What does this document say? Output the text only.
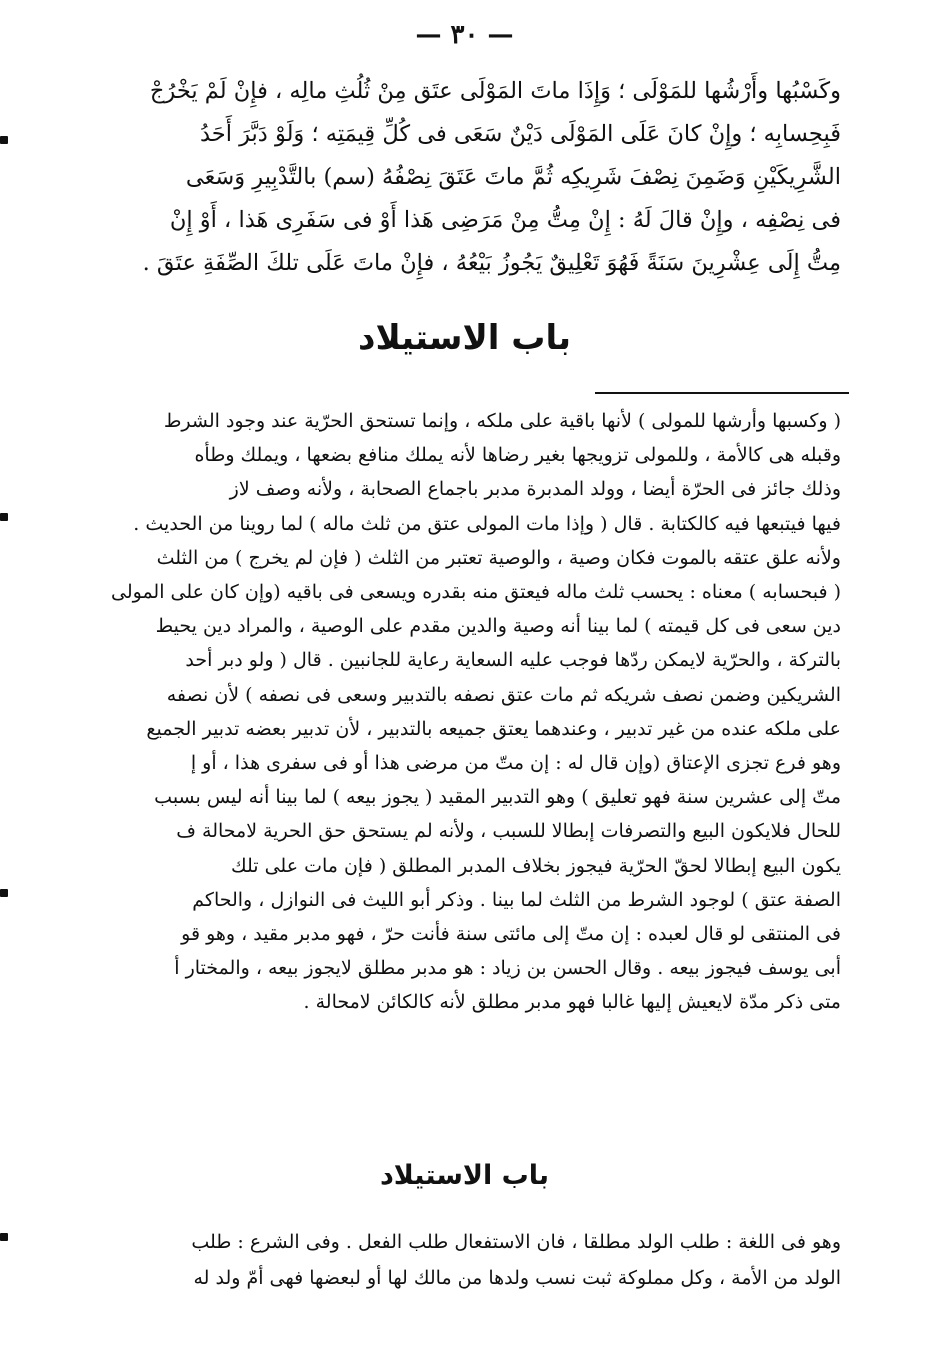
— ٣٠ —

وكَسْبُها وأَرْشُها للمَوْلَى ؛ وَإِذَا ماتَ المَوْلَى عتَق مِنْ ثُلُثِ مالِه ، فإِنْ لَمْ يَخْرُجْ

فَبِحِسابِه ؛ وإِنْ كانَ عَلَى المَوْلَى دَيْنٌ سَعَى فى كُلِّ قِيمَتِه ؛ وَلَوْ دَبَّرَ أَحَدُ

الشَّرِيكَيْنِ وَضَمِنَ نِصْفَ شَرِيكِه ثُمَّ ماتَ عَتَقَ نِصْفُهُ (سم) بالتَّدْبِيرِ وَسَعَى

فى نِصْفِه ، وإِنْ قالَ لَهُ : إِنْ مِتُّ مِنْ مَرَضِى هَذا أَوْ فى سَفَرِى هَذا ، أَوْ إِنْ

مِتُّ إِلَى عِشْرِينَ سَنَةً فَهُوَ تَعْلِيقٌ يَجُوزُ بَيْعُهُ ، فإِنْ ماتَ عَلَى تلكَ الصِّفَةِ عتَقَ .

باب الاستيلاد

( وكسبها وأرشها للمولى ) لأنها باقية على ملكه ، وإنما تستحق الحرّية عند وجود الشرط

وقبله هى كالأمة ، وللمولى تزويجها بغير رضاها لأنه يملك منافع بضعها ، ويملك وطأه

وذلك جائز فى الحرّة أيضا ، وولد المدبرة مدبر باجماع الصحابة ، ولأنه وصف لاز

فيها فيتبعها فيه كالكتابة . قال ( وإذا مات المولى عتق من ثلث ماله ) لما روينا من الحديث .

ولأنه علق عتقه بالموت فكان وصية ، والوصية تعتبر من الثلث ( فإن لم يخرج ) من الثلث

( فبحسابه ) معناه : يحسب ثلث ماله فيعتق منه بقدره ويسعى فى باقيه (وإن كان على المولى

دين سعى فى كل قيمته ) لما بينا أنه وصية والدين مقدم على الوصية ، والمراد دين يحيط

بالتركة ، والحرّية لايمكن ردّها فوجب عليه السعاية رعاية للجانبين . قال ( ولو دبر أحد

الشريكين وضمن نصف شريكه ثم مات عتق نصفه بالتدبير وسعى فى نصفه ) لأن نصفه

على ملكه عنده من غير تدبير ، وعندهما يعتق جميعه بالتدبير ، لأن تدبير بعضه تدبير الجميع

وهو فرع تجزى الإعتاق (وإن قال له : إن متّ من مرضى هذا أو فى سفرى هذا ، أو إ

متّ إلى عشرين سنة فهو تعليق ) وهو التدبير المقيد ( يجوز بيعه ) لما بينا أنه ليس بسبب

للحال فلايكون البيع والتصرفات إبطالا للسبب ، ولأنه لم يستحق حق الحرية لامحالة ف

يكون البيع إبطالا لحقّ الحرّية فيجوز بخلاف المدبر المطلق ( فإن مات على تلك

الصفة عتق ) لوجود الشرط من الثلث لما بينا . وذكر أبو الليث فى النوازل ، والحاكم

فى المنتقى لو قال لعبده : إن متّ إلى مائتى سنة فأنت حرّ ، فهو مدبر مقيد ، وهو قو

أبى يوسف فيجوز بيعه . وقال الحسن بن زياد : هو مدبر مطلق لايجوز بيعه ، والمختار أ

متى ذكر مدّة لايعيش إليها غالبا فهو مدبر مطلق لأنه كالكائن لامحالة .

باب الاستيلاد

وهو فى اللغة : طلب الولد مطلقا ، فان الاستفعال طلب الفعل . وفى الشرع : طلب

الولد من الأمة ، وكل مملوكة ثبت نسب ولدها من مالك لها أو لبعضها فهى أمّ ولد له
